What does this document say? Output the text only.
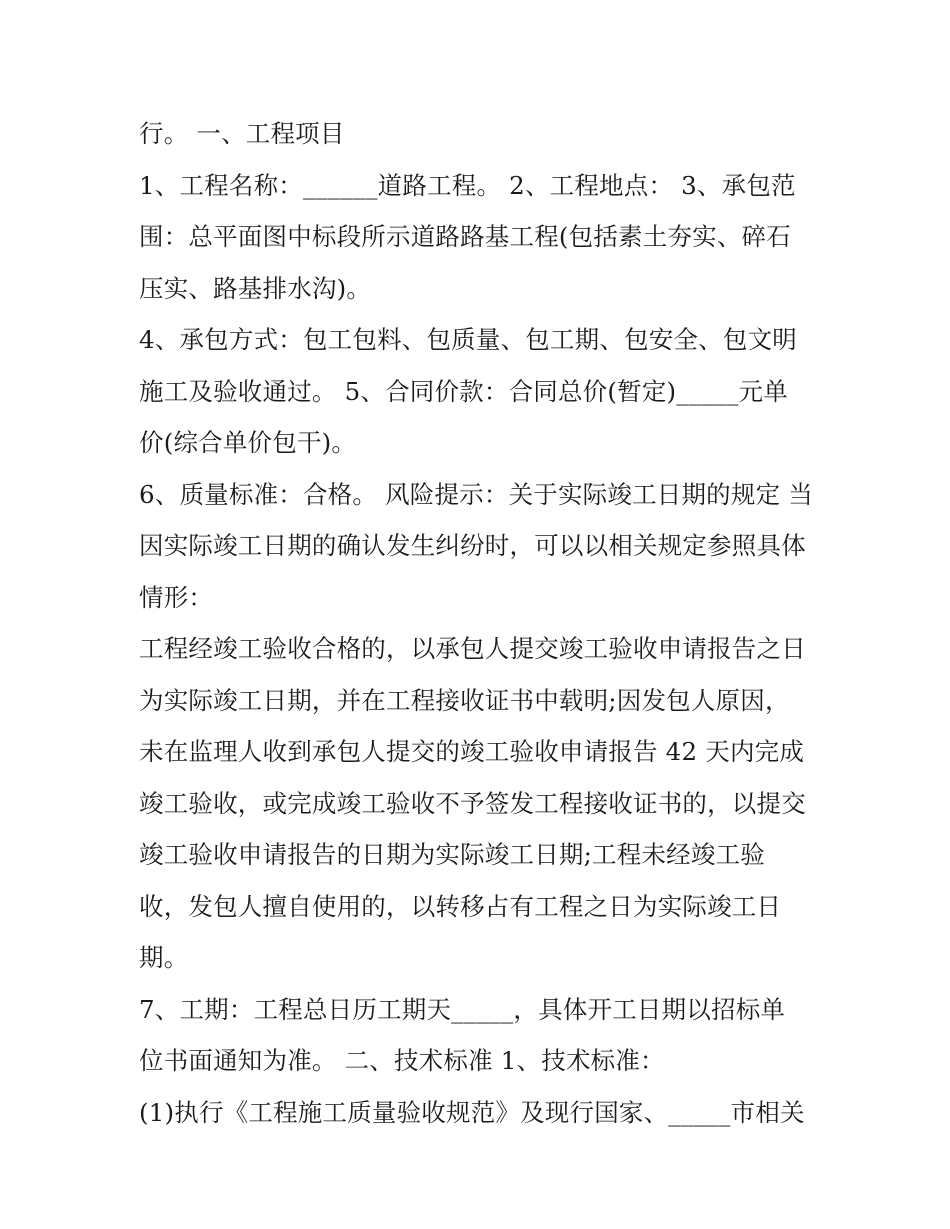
行。 一、工程项目
1、工程名称：______道路工程。 2、工程地点： 3、承包范
围：总平面图中标段所示道路路基工程(包括素土夯实、碎石
压实、路基排水沟)。
4、承包方式：包工包料、包质量、包工期、包安全、包文明
施工及验收通过。 5、合同价款：合同总价(暂定)_____元单
价(综合单价包干)。
6、质量标准：合格。 风险提示：关于实际竣工日期的规定 当
因实际竣工日期的确认发生纠纷时，可以以相关规定参照具体
情形：
工程经竣工验收合格的，以承包人提交竣工验收申请报告之日
为实际竣工日期，并在工程接收证书中载明;因发包人原因，
未在监理人收到承包人提交的竣工验收申请报告 42 天内完成
竣工验收，或完成竣工验收不予签发工程接收证书的，以提交
竣工验收申请报告的日期为实际竣工日期;工程未经竣工验
收，发包人擅自使用的，以转移占有工程之日为实际竣工日
期。
7、工期：工程总日历工期天_____，具体开工日期以招标单
位书面通知为准。 二、技术标准 1、技术标准：
(1)执行《工程施工质量验收规范》及现行国家、_____市相关
